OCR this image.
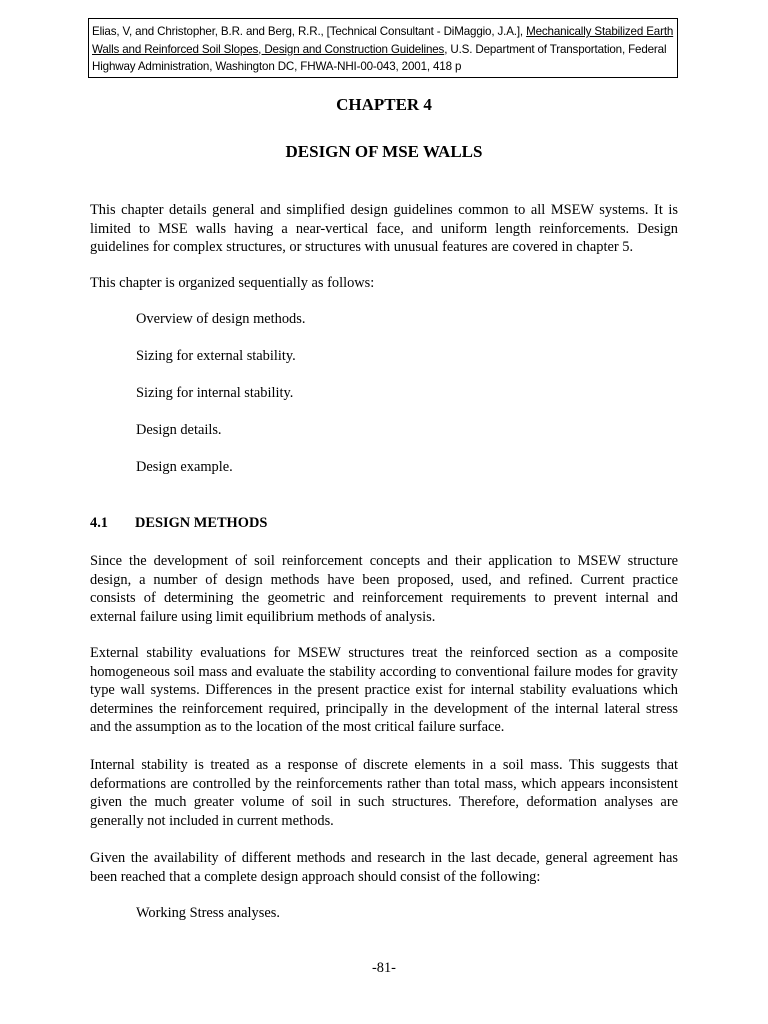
Elias, V, and Christopher, B.R. and Berg, R.R., [Technical Consultant - DiMaggio, J.A.], Mechanically Stabilized Earth
Walls and Reinforced Soil Slopes, Design and Construction Guidelines, U.S. Department of Transportation, Federal
Highway Administration, Washington DC, FHWA-NHI-00-043, 2001, 418 p
CHAPTER 4
DESIGN OF MSE WALLS
This chapter details general and simplified design guidelines common to all MSEW systems. It is
limited to MSE walls having a near-vertical face, and uniform length reinforcements. Design
guidelines for complex structures, or structures with unusual features are covered in chapter 5.
This chapter is organized sequentially as follows:
Overview of design methods.
Sizing for external stability.
Sizing for internal stability.
Design details.
Design example.
4.1 DESIGN METHODS
Since the development of soil reinforcement concepts and their application to MSEW structure
design, a number of design methods have been proposed, used, and refined. Current practice
consists of determining the geometric and reinforcement requirements to prevent internal and
external failure using limit equilibrium methods of analysis.
External stability evaluations for MSEW structures treat the reinforced section as a composite
homogeneous soil mass and evaluate the stability according to conventional failure modes for gravity
type wall systems. Differences in the present practice exist for internal stability evaluations which
determines the reinforcement required, principally in the development of the internal lateral stress
and the assumption as to the location of the most critical failure surface.
Internal stability is treated as a response of discrete elements in a soil mass. This suggests that
deformations are controlled by the reinforcements rather than total mass, which appears inconsistent
given the much greater volume of soil in such structures. Therefore, deformation analyses are
generally not included in current methods.
Given the availability of different methods and research in the last decade, general agreement has
been reached that a complete design approach should consist of the following:
Working Stress analyses.
-81-
